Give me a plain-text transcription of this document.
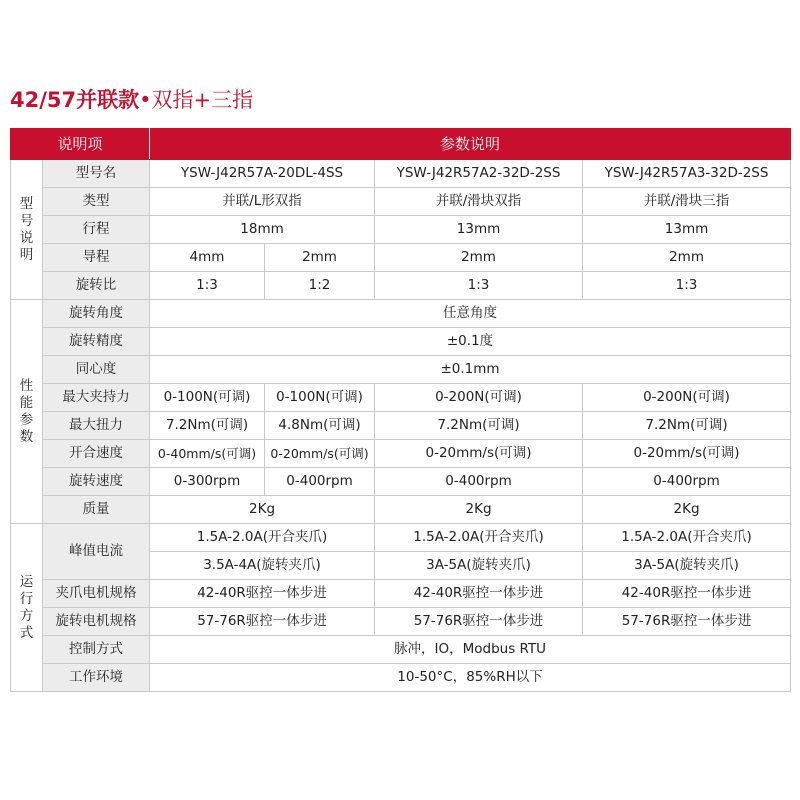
42/57并联款•双指+三指
说明项		参数说明			
型号说明	型号名	YSW-J42R57A-20DL-4SS		YSW-J42R57A2-32D-2SS	YSW-J42R57A3-32D-2SS
	类型	并联/L形双指		并联/滑块双指	并联/滑块三指
	行程	18mm		13mm	13mm
	导程	4mm	2mm	2mm	2mm
	旋转比	1:3	1:2	1:3	1:3
性能参数	旋转角度	任意角度			
	旋转精度	±0.1度			
	同心度	±0.1mm			
	最大夹持力	0-100N(可调)	0-100N(可调)	0-200N(可调)	0-200N(可调)
	最大扭力	7.2Nm(可调)	4.8Nm(可调)	7.2Nm(可调)	7.2Nm(可调)
	开合速度	0-40mm/s(可调)	0-20mm/s(可调)	0-20mm/s(可调)	0-20mm/s(可调)
	旋转速度	0-300rpm	0-400rpm	0-400rpm	0-400rpm
	质量	2Kg		2Kg	2Kg
运行方式	峰值电流	1.5A-2.0A(开合夹爪)		1.5A-2.0A(开合夹爪)	1.5A-2.0A(开合夹爪)
		3.5A-4A(旋转夹爪)		3A-5A(旋转夹爪)	3A-5A(旋转夹爪)
	夹爪电机规格	42-40R驱控一体步进		42-40R驱控一体步进	42-40R驱控一体步进
	旋转电机规格	57-76R驱控一体步进		57-76R驱控一体步进	57-76R驱控一体步进
	控制方式	脉冲，IO，Modbus RTU			
	工作环境	10-50°C，85%RH以下			
